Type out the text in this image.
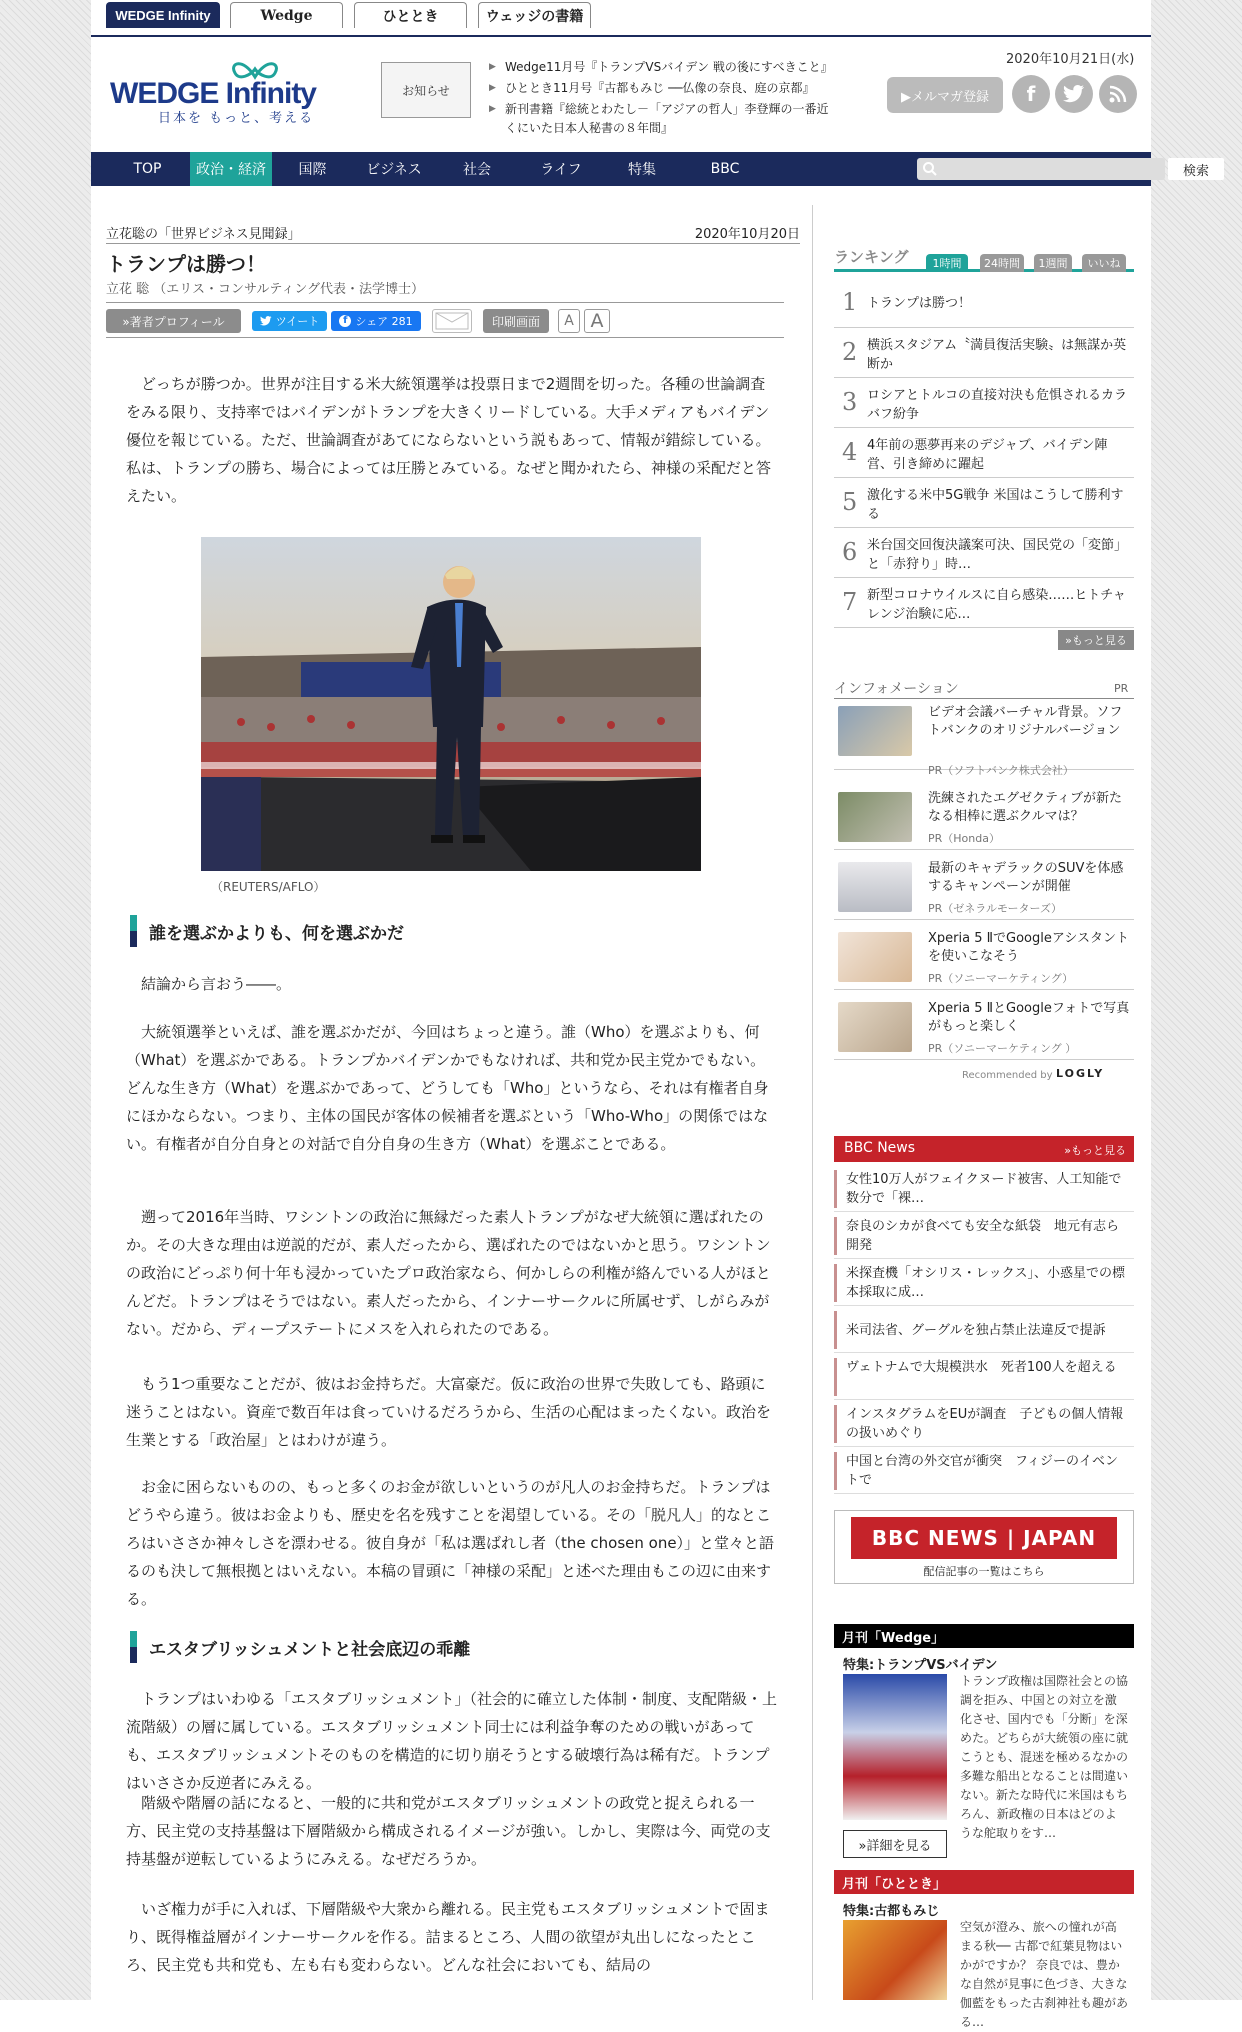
WEDGE Infinity	Wedge	ひととき	ウェッジの書籍
WEDGE Infinity
日本を もっと、考える
お知らせ
▶ Wedge11月号『トランプVSバイデン 戦の後にすべきこと』
▶ ひととき11月号『古都もみじ ──仏像の奈良、庭の京都』
▶ 新刊書籍『総統とわたし－「アジアの哲人」李登輝の一番近くにいた日本人秘書の８年間』
2020年10月21日(水)
▶メルマガ登録	f
TOP	政治・経済	国際	ビジネス	社会	ライフ	特集	BBC	検索
立花聡の「世界ビジネス見聞録」	2020年10月20日
トランプは勝つ！
立花 聡 （エリス・コンサルティング代表・法学博士）
»著者プロフィール	ツイート	f シェア 281	印刷画面	A A
どっちが勝つか。世界が注目する米大統領選挙は投票日まで2週間を切った。各種の世論調査をみる限り、支持率ではバイデンがトランプを大きくリードしている。大手メディアもバイデン優位を報じている。ただ、世論調査があてにならないという説もあって、情報が錯綜している。私は、トランプの勝ち、場合によっては圧勝とみている。なぜと聞かれたら、神様の采配だと答えたい。
（REUTERS/AFLO）
誰を選ぶかよりも、何を選ぶかだ
結論から言おう――。
大統領選挙といえば、誰を選ぶかだが、今回はちょっと違う。誰（Who）を選ぶよりも、何（What）を選ぶかである。トランプかバイデンかでもなければ、共和党か民主党かでもない。どんな生き方（What）を選ぶかであって、どうしても「Who」というなら、それは有権者自身にほかならない。つまり、主体の国民が客体の候補者を選ぶという「Who-Who」の関係ではない。有権者が自分自身との対話で自分自身の生き方（What）を選ぶことである。
遡って2016年当時、ワシントンの政治に無縁だった素人トランプがなぜ大統領に選ばれたのか。その大きな理由は逆説的だが、素人だったから、選ばれたのではないかと思う。ワシントンの政治にどっぷり何十年も浸かっていたプロ政治家なら、何かしらの利権が絡んでいる人がほとんどだ。トランプはそうではない。素人だったから、インナーサークルに所属せず、しがらみがない。だから、ディープステートにメスを入れられたのである。
もう1つ重要なことだが、彼はお金持ちだ。大富豪だ。仮に政治の世界で失敗しても、路頭に迷うことはない。資産で数百年は食っていけるだろうから、生活の心配はまったくない。政治を生業とする「政治屋」とはわけが違う。
お金に困らないものの、もっと多くのお金が欲しいというのが凡人のお金持ちだ。トランプはどうやら違う。彼はお金よりも、歴史を名を残すことを渇望している。その「脱凡人」的なところはいささか神々しさを漂わせる。彼自身が「私は選ばれし者（the chosen one）」と堂々と語るのも決して無根拠とはいえない。本稿の冒頭に「神様の采配」と述べた理由もこの辺に由来する。
エスタブリッシュメントと社会底辺の乖離
トランプはいわゆる「エスタブリッシュメント」（社会的に確立した体制・制度、支配階級・上流階級）の層に属している。エスタブリッシュメント同士には利益争奪のための戦いがあっても、エスタブリッシュメントそのものを構造的に切り崩そうとする破壊行為は稀有だ。トランプはいささか反逆者にみえる。
階級や階層の話になると、一般的に共和党がエスタブリッシュメントの政党と捉えられる一方、民主党の支持基盤は下層階級から構成されるイメージが強い。しかし、実際は今、両党の支持基盤が逆転しているようにみえる。なぜだろうか。
いざ権力が手に入れば、下層階級や大衆から離れる。民主党もエスタブリッシュメントで固まり、既得権益層がインナーサークルを作る。詰まるところ、人間の欲望が丸出しになったところ、民主党も共和党も、左も右も変わらない。どんな社会においても、結局の
ランキング	1時間	24時間	1週間	いいね
1 トランプは勝つ！
2 横浜スタジアム〝満員復活実験〟は無謀か英断か
3 ロシアとトルコの直接対決も危惧されるカラバフ紛争
4 4年前の悪夢再来のデジャブ、バイデン陣営、引き締めに躍起
5 激化する米中5G戦争 米国はこうして勝利する
6 米台国交回復決議案可決、国民党の「変節」と「赤狩り」時…
7 新型コロナウイルスに自ら感染……ヒトチャレンジ治験に応…
»もっと見る
インフォメーション	PR
ビデオ会議バーチャル背景。ソフトバンクのオリジナルバージョン
PR（ソフトバンク株式会社）
洗練されたエグゼクティブが新たなる相棒に選ぶクルマは？
PR（Honda）
最新のキャデラックのSUVを体感するキャンペーンが開催
PR（ゼネラルモーターズ）
Xperia 5 ⅡでGoogleアシスタントを使いこなそう
PR（ソニーマーケティング）
Xperia 5 ⅡとGoogleフォトで写真がもっと楽しく
PR（ソニーマーケティング ）
Recommended by LOGLY
BBC News	»もっと見る
女性10万人がフェイクヌード被害、人工知能で数分で「裸…
奈良のシカが食べても安全な紙袋　地元有志ら開発
米探査機「オシリス・レックス」、小惑星での標本採取に成…
米司法省、グーグルを独占禁止法違反で提訴
ヴェトナムで大規模洪水　死者100人を超える
インスタグラムをEUが調査　子どもの個人情報の扱いめぐり
中国と台湾の外交官が衝突　フィジーのイベントで
BBC NEWS | JAPAN
配信記事の一覧はこちら
月刊「Wedge」
特集:トランプVSバイデン
トランプ政権は国際社会との協調を拒み、中国との対立を激化させ、国内でも「分断」を深めた。どちらが大統領の座に就こうとも、混迷を極めるなかの多難な船出となることは間違いない。新たな時代に米国はもちろん、新政権の日本はどのような舵取りをす…
»詳細を見る
月刊「ひととき」
特集:古都もみじ
空気が澄み、旅への憧れが高まる秋── 古都で紅葉見物はいかがですか？ 奈良では、豊かな自然が見事に色づき、大きな伽藍をもった古刹神社も趣がある…
